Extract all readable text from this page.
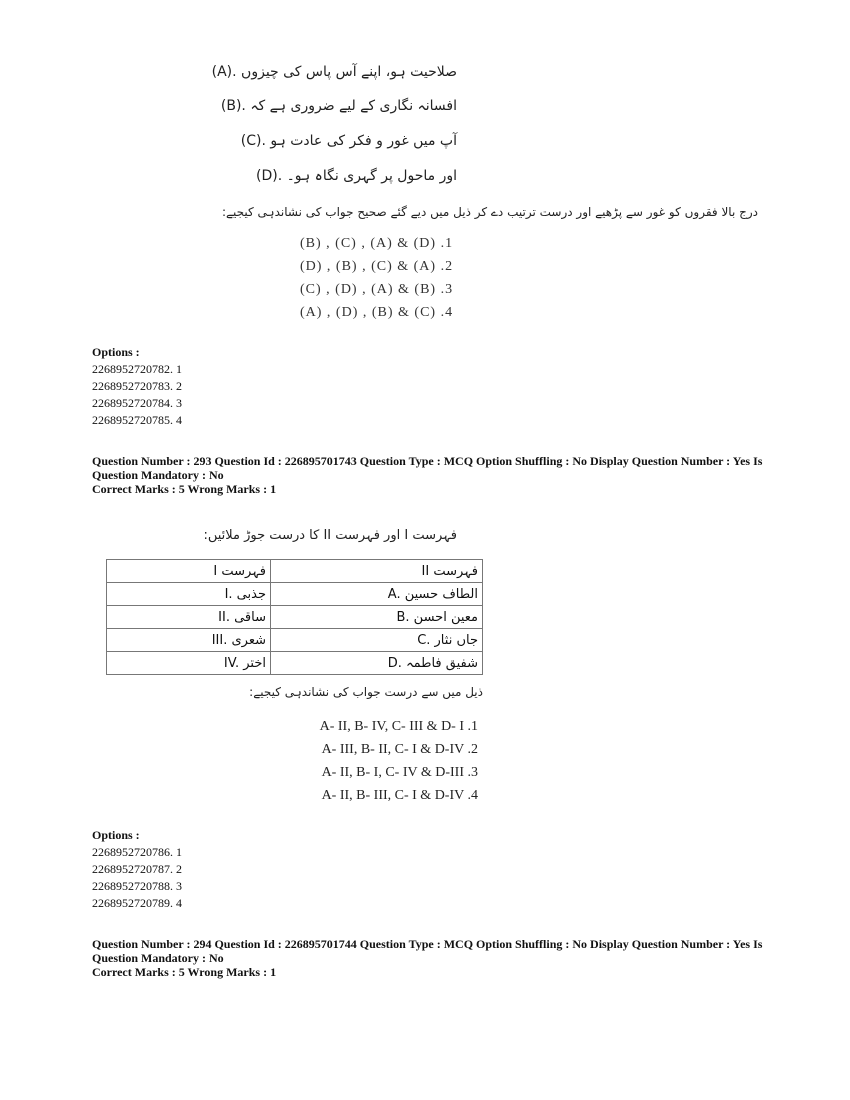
(A). صلاحیت ہو، اپنے آس پاس کی چیزوں
(B). افسانہ نگاری کے لیے ضروری ہے کہ
(C). آپ میں غور و فکر کی عادت ہو
(D). اور ماحول پر گہری نگاہ ہو۔
درج بالا فقروں کو غور سے پڑھیے اور درست ترتیب دے کر ذیل میں دیے گئے صحیح جواب کی نشاندہی کیجیے:
(B) , (C) , (A) & (D) .1
(D) , (B) , (C) & (A) .2
(C) , (D) , (A) & (B) .3
(A) , (D) , (B) & (C) .4
Options :
2268952720782. 1
2268952720783. 2
2268952720784. 3
2268952720785. 4
Question Number : 293 Question Id : 226895701743 Question Type : MCQ Option Shuffling : No Display Question Number : Yes Is
Question Mandatory : No
Correct Marks : 5 Wrong Marks : 1
فہرست I اور فہرست II کا درست جوڑ ملائیں:
فہرست I	فہرست II
I. جذبی	A. الطاف حسین
II. ساقی	B. معین احسن
III. شعری	C. جاں نثار
IV. اختر	D. شفیق فاطمہ
ذیل میں سے درست جواب کی نشاندہی کیجیے:
A- II, B- IV, C- III & D- I .1
A- III, B- II, C- I & D-IV .2
A- II, B- I, C- IV & D-III .3
A- II, B- III, C- I & D-IV .4
Options :
2268952720786. 1
2268952720787. 2
2268952720788. 3
2268952720789. 4
Question Number : 294 Question Id : 226895701744 Question Type : MCQ Option Shuffling : No Display Question Number : Yes Is
Question Mandatory : No
Correct Marks : 5 Wrong Marks : 1
